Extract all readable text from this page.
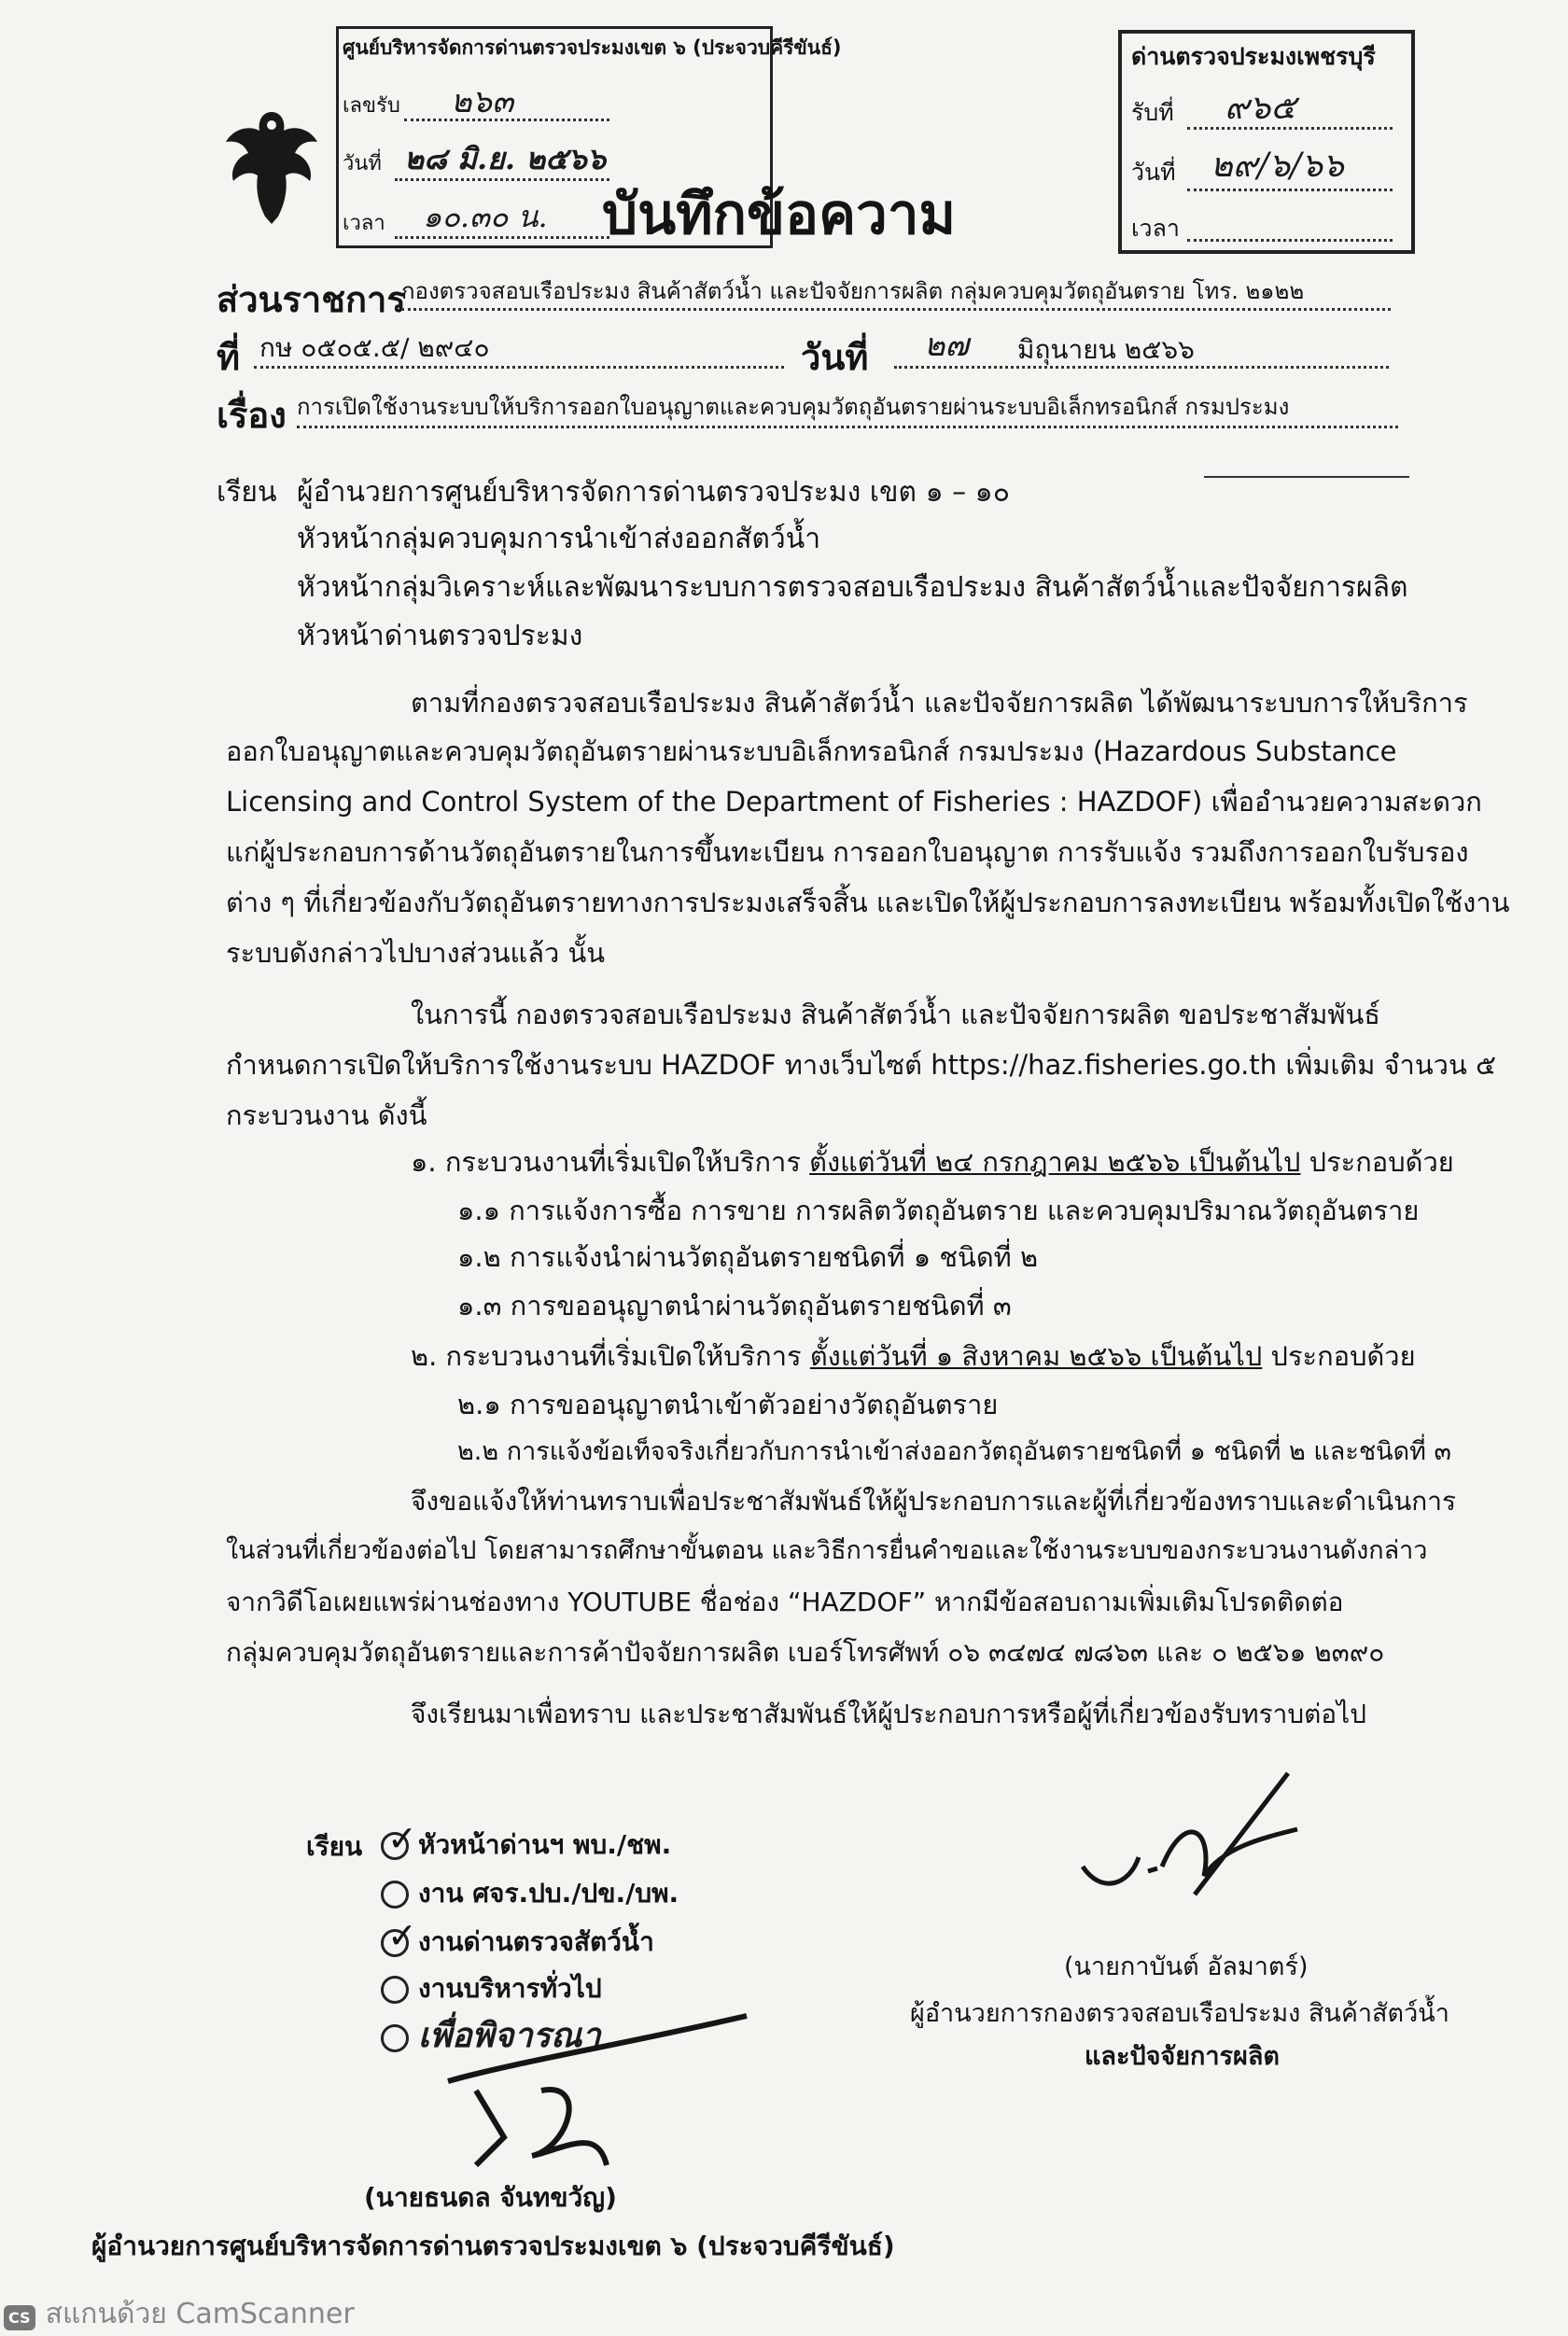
ศูนย์บริหารจัดการด่านตรวจประมงเขต ๖ (ประจวบคีรีขันธ์)
เลขรับ ๒๖๓
วันที่ ๒๘ มิ.ย. ๒๕๖๖
เวลา ๑๐.๓๐ น. บันทึกข้อความ
ด่านตรวจประมงเพชรบุรี
รับที่ ๙๖๕
วันที่ ๒๙/๖/๖๖
เวลา
ส่วนราชการ
กองตรวจสอบเรือประมง สินค้าสัตว์น้ำ และปัจจัยการผลิต กลุ่มควบคุมวัตถุอันตราย โทร. ๒๑๒๒
ที่ กษ ๐๕๐๕.๕/ ๒๙๔๐	วันที่ ๒๗ มิถุนายน ๒๕๖๖
เรื่อง การเปิดใช้งานระบบให้บริการออกใบอนุญาตและควบคุมวัตถุอันตรายผ่านระบบอิเล็กทรอนิกส์ กรมประมง
เรียน ผู้อำนวยการศูนย์บริหารจัดการด่านตรวจประมง เขต ๑ – ๑๐
หัวหน้ากลุ่มควบคุมการนำเข้าส่งออกสัตว์น้ำ
หัวหน้ากลุ่มวิเคราะห์และพัฒนาระบบการตรวจสอบเรือประมง สินค้าสัตว์น้ำและปัจจัยการผลิต
หัวหน้าด่านตรวจประมง
ตามที่กองตรวจสอบเรือประมง สินค้าสัตว์น้ำ และปัจจัยการผลิต ได้พัฒนาระบบการให้บริการ
ออกใบอนุญาตและควบคุมวัตถุอันตรายผ่านระบบอิเล็กทรอนิกส์ กรมประมง (Hazardous Substance
Licensing and Control System of the Department of Fisheries : HAZDOF) เพื่ออำนวยความสะดวก
แก่ผู้ประกอบการด้านวัตถุอันตรายในการขึ้นทะเบียน การออกใบอนุญาต การรับแจ้ง รวมถึงการออกใบรับรอง
ต่าง ๆ ที่เกี่ยวข้องกับวัตถุอันตรายทางการประมงเสร็จสิ้น และเปิดให้ผู้ประกอบการลงทะเบียน พร้อมทั้งเปิดใช้งาน
ระบบดังกล่าวไปบางส่วนแล้ว นั้น
ในการนี้ กองตรวจสอบเรือประมง สินค้าสัตว์น้ำ และปัจจัยการผลิต ขอประชาสัมพันธ์
กำหนดการเปิดให้บริการใช้งานระบบ HAZDOF ทางเว็บไซต์ https://haz.fisheries.go.th เพิ่มเติม จำนวน ๕
กระบวนงาน ดังนี้
๑. กระบวนงานที่เริ่มเปิดให้บริการ ตั้งแต่วันที่ ๒๔ กรกฎาคม ๒๕๖๖ เป็นต้นไป ประกอบด้วย
๑.๑ การแจ้งการซื้อ การขาย การผลิตวัตถุอันตราย และควบคุมปริมาณวัตถุอันตราย
๑.๒ การแจ้งนำผ่านวัตถุอันตรายชนิดที่ ๑ ชนิดที่ ๒
๑.๓ การขออนุญาตนำผ่านวัตถุอันตรายชนิดที่ ๓
๒. กระบวนงานที่เริ่มเปิดให้บริการ ตั้งแต่วันที่ ๑ สิงหาคม ๒๕๖๖ เป็นต้นไป ประกอบด้วย
๒.๑ การขออนุญาตนำเข้าตัวอย่างวัตถุอันตราย
๒.๒ การแจ้งข้อเท็จจริงเกี่ยวกับการนำเข้าส่งออกวัตถุอันตรายชนิดที่ ๑ ชนิดที่ ๒ และชนิดที่ ๓
จึงขอแจ้งให้ท่านทราบเพื่อประชาสัมพันธ์ให้ผู้ประกอบการและผู้ที่เกี่ยวข้องทราบและดำเนินการ
ในส่วนที่เกี่ยวข้องต่อไป โดยสามารถศึกษาขั้นตอน และวิธีการยื่นคำขอและใช้งานระบบของกระบวนงานดังกล่าว
จากวิดีโอเผยแพร่ผ่านช่องทาง YOUTUBE ชื่อช่อง “HAZDOF” หากมีข้อสอบถามเพิ่มเติมโปรดติดต่อ
กลุ่มควบคุมวัตถุอันตรายและการค้าปัจจัยการผลิต เบอร์โทรศัพท์ ๐๖ ๓๔๗๔ ๗๘๖๓ และ ๐ ๒๕๖๑ ๒๓๙๐
จึงเรียนมาเพื่อทราบ และประชาสัมพันธ์ให้ผู้ประกอบการหรือผู้ที่เกี่ยวข้องรับทราบต่อไป
(นายกาบันต์ อัลมาตร์)
ผู้อำนวยการกองตรวจสอบเรือประมง สินค้าสัตว์น้ำ
และปัจจัยการผลิต
เรียน
✓	หัวหน้าด่านฯ พบ./ชพ.
งาน ศจร.ปบ./ปข./บพ.
✓งานด่านตรวจสัตว์น้ำ
งานบริหารทั่วไป
เพื่อพิจารณา
(นายธนดล จันทขวัญ)
ผู้อำนวยการศูนย์บริหารจัดการด่านตรวจประมงเขต ๖ (ประจวบคีรีขันธ์)
CS สแกนด้วย CamScanner
